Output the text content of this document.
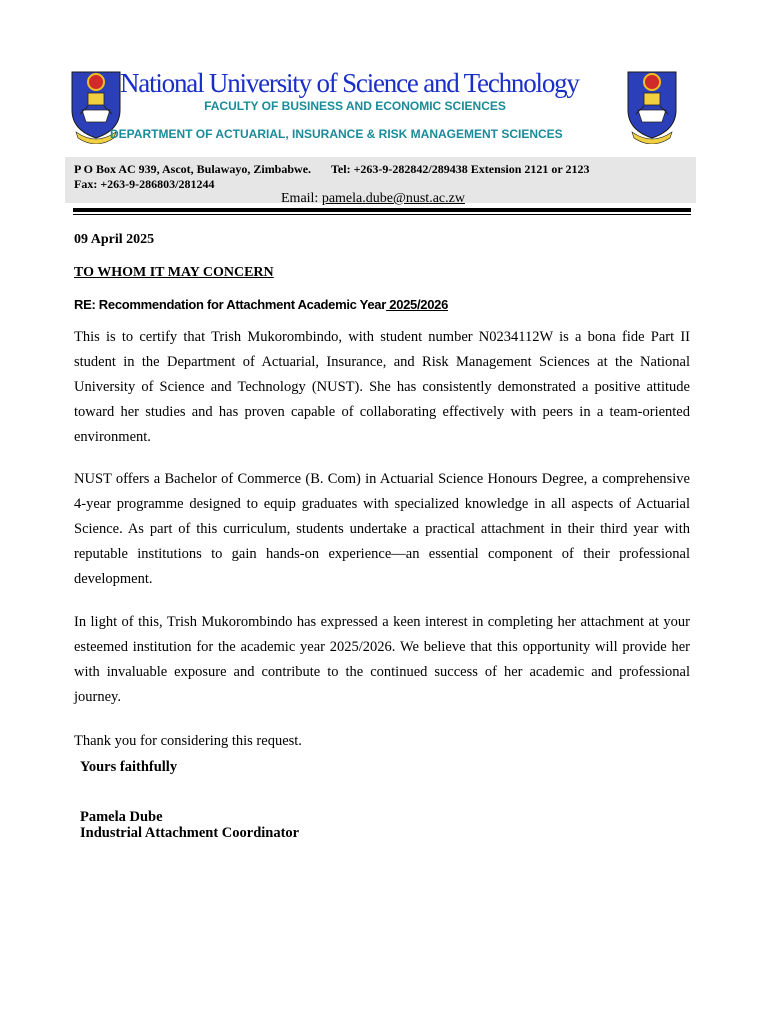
National University of Science and Technology
FACULTY OF BUSINESS AND ECONOMIC SCIENCES
DEPARTMENT OF ACTUARIAL, INSURANCE & RISK MANAGEMENT SCIENCES
P O Box AC 939, Ascot, Bulawayo, Zimbabwe. Tel: +263-9-282842/289438 Extension 2121 or 2123
Fax: +263-9-286803/281244
Email: pamela.dube@nust.ac.zw
09 April 2025
TO WHOM IT MAY CONCERN
RE: Recommendation for Attachment Academic Year 2025/2026
This is to certify that Trish Mukorombindo, with student number N0234112W is a bona fide Part II student in the Department of Actuarial, Insurance, and Risk Management Sciences at the National University of Science and Technology (NUST). She has consistently demonstrated a positive attitude toward her studies and has proven capable of collaborating effectively with peers in a team-oriented environment.
NUST offers a Bachelor of Commerce (B. Com) in Actuarial Science Honours Degree, a comprehensive 4-year programme designed to equip graduates with specialized knowledge in all aspects of Actuarial Science. As part of this curriculum, students undertake a practical attachment in their third year with reputable institutions to gain hands-on experience—an essential component of their professional development.
In light of this, Trish Mukorombindo has expressed a keen interest in completing her attachment at your esteemed institution for the academic year 2025/2026. We believe that this opportunity will provide her with invaluable exposure and contribute to the continued success of her academic and professional journey.
Thank you for considering this request.
Yours faithfully
Pamela Dube
Industrial Attachment Coordinator
